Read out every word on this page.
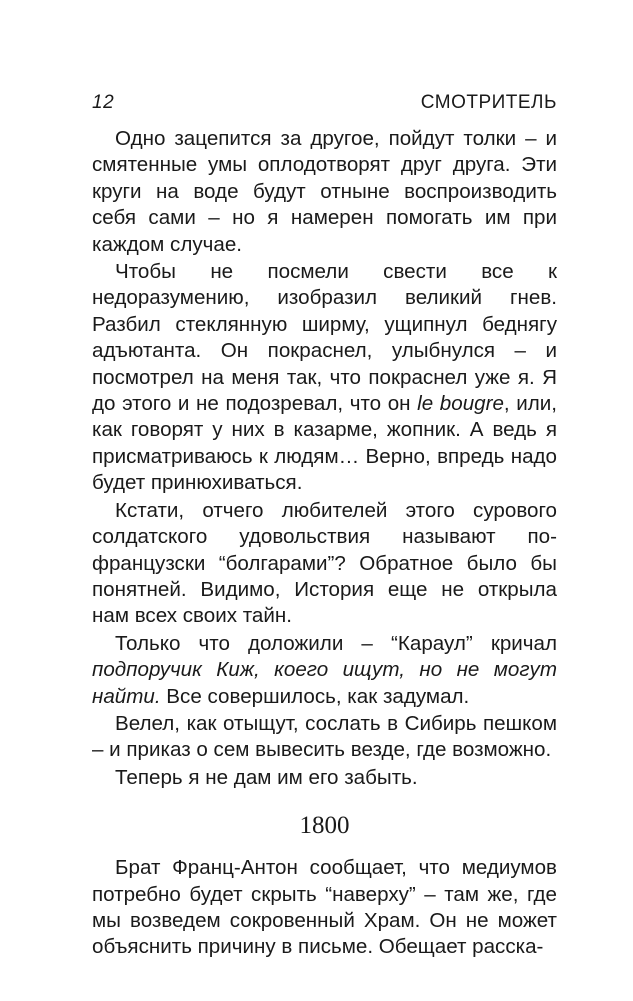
12	СМОТРИТЕЛЬ

Одно зацепится за другое, пойдут толки – и смятенные умы оплодотворят друг друга. Эти круги на воде будут отныне воспроизводить себя сами – но я намерен помогать им при каждом случае.

Чтобы не посмели свести все к недоразумению, изобразил великий гнев. Разбил стеклянную ширму, ущипнул беднягу адъютанта. Он покраснел, улыбнулся – и посмотрел на меня так, что покраснел уже я. Я до этого и не подозревал, что он le bougre, или, как говорят у них в казарме, жопник. А ведь я присматриваюсь к людям… Верно, впредь надо будет принюхиваться.

Кстати, отчего любителей этого сурового солдатского удовольствия называют по-французски “болгарами”? Обратное было бы понятней. Видимо, История еще не открыла нам всех своих тайн.

Только что доложили – “Караул” кричал подпоручик Киж, коего ищут, но не могут найти. Все совершилось, как задумал.

Велел, как отыщут, сослать в Сибирь пешком – и приказ о сем вывесить везде, где возможно.

Теперь я не дам им его забыть.

1800

Брат Франц-Антон сообщает, что медиумов потребно будет скрыть “наверху” – там же, где мы возведем сокровенный Храм. Он не может объяснить причину в письме. Обещает расска-
